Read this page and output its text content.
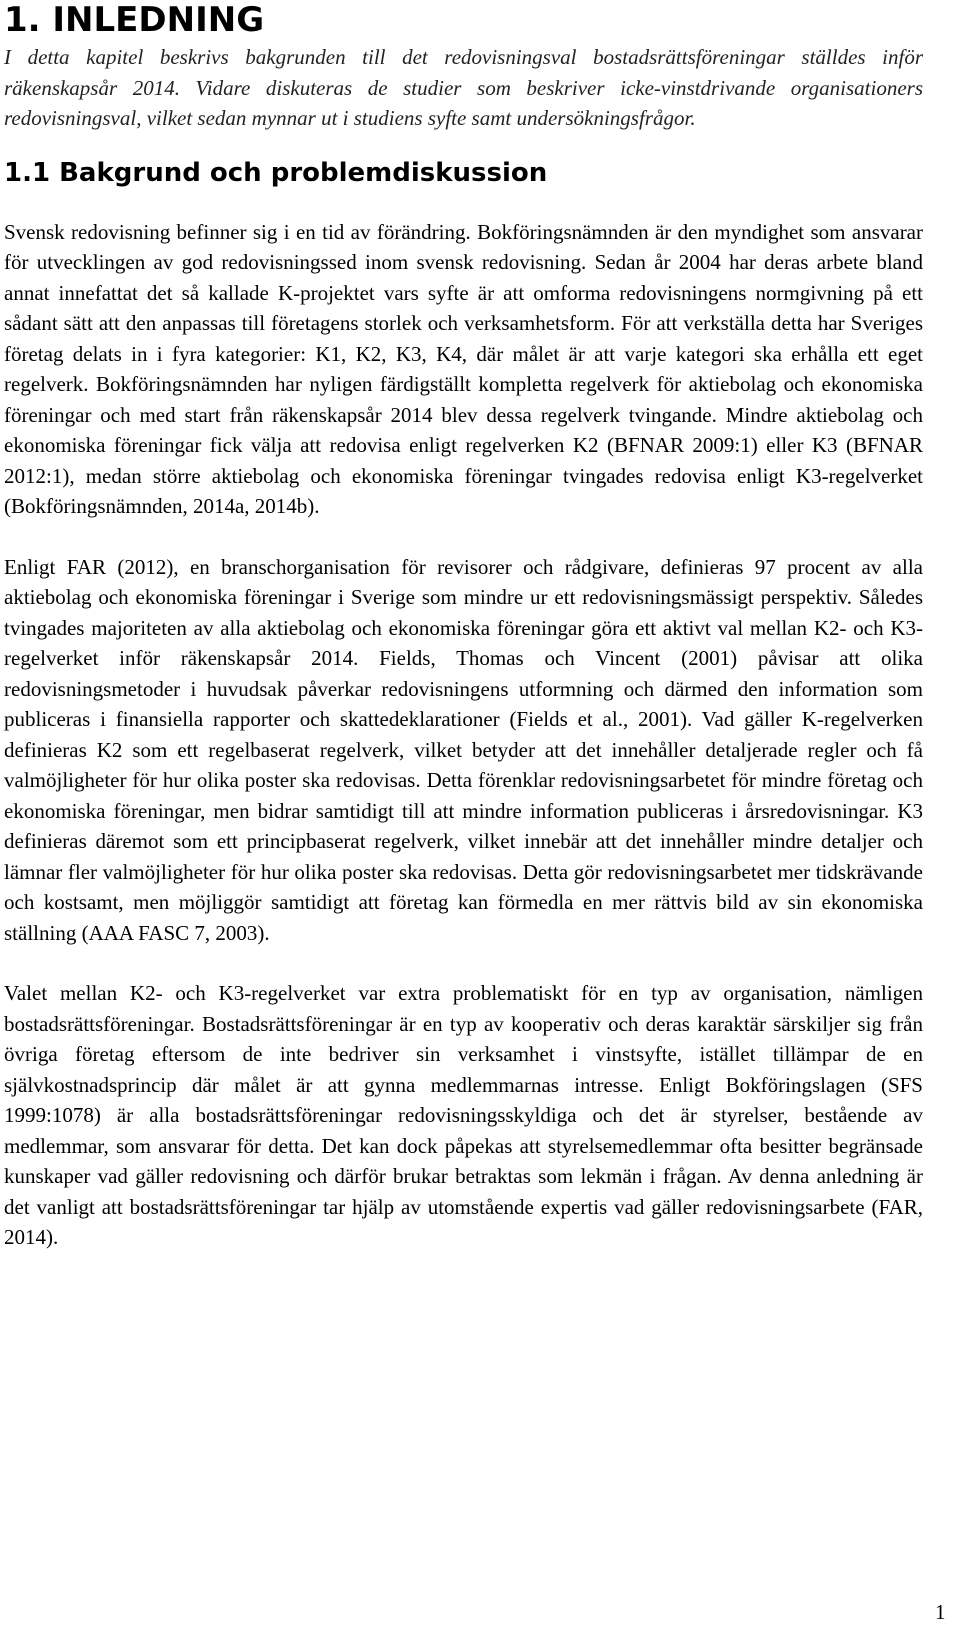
1. INLEDNING

I detta kapitel beskrivs bakgrunden till det redovisningsval bostadsrättsföreningar ställdes inför räkenskapsår 2014. Vidare diskuteras de studier som beskriver icke-vinstdrivande organisationers redovisningsval, vilket sedan mynnar ut i studiens syfte samt undersökningsfrågor.

1.1 Bakgrund och problemdiskussion

Svensk redovisning befinner sig i en tid av förändring. Bokföringsnämnden är den myndighet som ansvarar för utvecklingen av god redovisningssed inom svensk redovisning. Sedan år 2004 har deras arbete bland annat innefattat det så kallade K-projektet vars syfte är att omforma redovisningens normgivning på ett sådant sätt att den anpassas till företagens storlek och verksamhetsform. För att verkställa detta har Sveriges företag delats in i fyra kategorier: K1, K2, K3, K4, där målet är att varje kategori ska erhålla ett eget regelverk. Bokföringsnämnden har nyligen färdigställt kompletta regelverk för aktiebolag och ekonomiska föreningar och med start från räkenskapsår 2014 blev dessa regelverk tvingande. Mindre aktiebolag och ekonomiska föreningar fick välja att redovisa enligt regelverken K2 (BFNAR 2009:1) eller K3 (BFNAR 2012:1), medan större aktiebolag och ekonomiska föreningar tvingades redovisa enligt K3-regelverket (Bokföringsnämnden, 2014a, 2014b).

Enligt FAR (2012), en branschorganisation för revisorer och rådgivare, definieras 97 procent av alla aktiebolag och ekonomiska föreningar i Sverige som mindre ur ett redovisningsmässigt perspektiv. Således tvingades majoriteten av alla aktiebolag och ekonomiska föreningar göra ett aktivt val mellan K2- och K3-regelverket inför räkenskapsår 2014. Fields, Thomas och Vincent (2001) påvisar att olika redovisningsmetoder i huvudsak påverkar redovisningens utformning och därmed den information som publiceras i finansiella rapporter och skattedeklarationer (Fields et al., 2001). Vad gäller K-regelverken definieras K2 som ett regelbaserat regelverk, vilket betyder att det innehåller detaljerade regler och få valmöjligheter för hur olika poster ska redovisas. Detta förenklar redovisningsarbetet för mindre företag och ekonomiska föreningar, men bidrar samtidigt till att mindre information publiceras i årsredovisningar. K3 definieras däremot som ett principbaserat regelverk, vilket innebär att det innehåller mindre detaljer och lämnar fler valmöjligheter för hur olika poster ska redovisas. Detta gör redovisningsarbetet mer tidskrävande och kostsamt, men möjliggör samtidigt att företag kan förmedla en mer rättvis bild av sin ekonomiska ställning (AAA FASC 7, 2003).

Valet mellan K2- och K3-regelverket var extra problematiskt för en typ av organisation, nämligen bostadsrättsföreningar. Bostadsrättsföreningar är en typ av kooperativ och deras karaktär särskiljer sig från övriga företag eftersom de inte bedriver sin verksamhet i vinstsyfte, istället tillämpar de en självkostnadsprincip där målet är att gynna medlemmarnas intresse. Enligt Bokföringslagen (SFS 1999:1078) är alla bostadsrättsföreningar redovisningsskyldiga och det är styrelser, bestående av medlemmar, som ansvarar för detta. Det kan dock påpekas att styrelsemedlemmar ofta besitter begränsade kunskaper vad gäller redovisning och därför brukar betraktas som lekmän i frågan. Av denna anledning är det vanligt att bostadsrättsföreningar tar hjälp av utomstående expertis vad gäller redovisningsarbete (FAR, 2014).

1
